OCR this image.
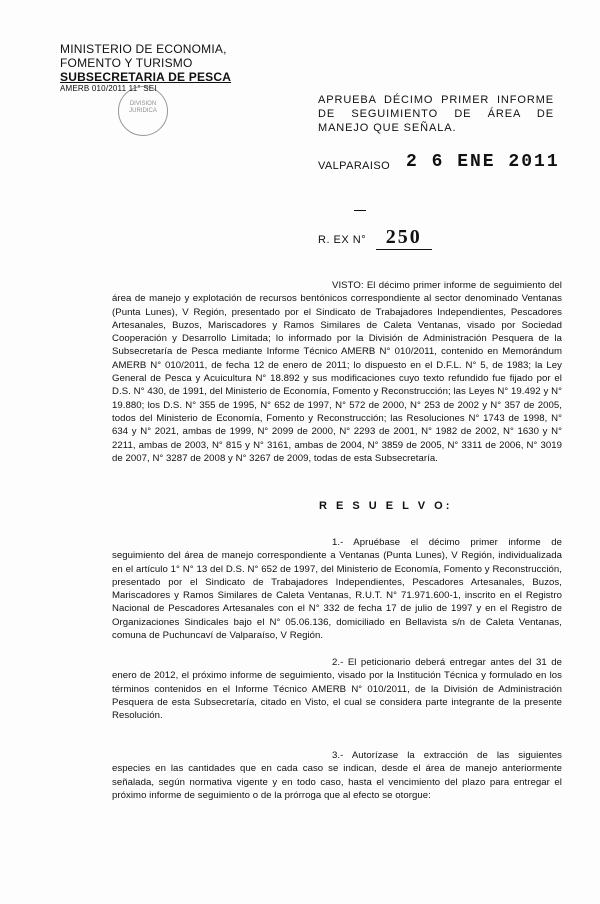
MINISTERIO DE ECONOMIA,
FOMENTO Y TURISMO
SUBSECRETARIA DE PESCA
AMERB 010/2011 11° SEI
DIVISION JURIDICA
APRUEBA DÉCIMO PRIMER INFORME DE SEGUIMIENTO DE ÁREA DE MANEJO QUE SEÑALA.
VALPARAISO 2 6 ENE 2011
R. EX N° 250
VISTO: El décimo primer informe de seguimiento del área de manejo y explotación de recursos bentónicos correspondiente al sector denominado Ventanas (Punta Lunes), V Región, presentado por el Sindicato de Trabajadores Independientes, Pescadores Artesanales, Buzos, Mariscadores y Ramos Similares de Caleta Ventanas, visado por Sociedad Cooperación y Desarrollo Limitada; lo informado por la División de Administración Pesquera de la Subsecretaría de Pesca mediante Informe Técnico AMERB N° 010/2011, contenido en Memorándum AMERB N° 010/2011, de fecha 12 de enero de 2011; lo dispuesto en el D.F.L. N° 5, de 1983; la Ley General de Pesca y Acuicultura N° 18.892 y sus modificaciones cuyo texto refundido fue fijado por el D.S. N° 430, de 1991, del Ministerio de Economía, Fomento y Reconstrucción; las Leyes N° 19.492 y N° 19.880; los D.S. N° 355 de 1995, N° 652 de 1997, N° 572 de 2000, N° 253 de 2002 y N° 357 de 2005, todos del Ministerio de Economía, Fomento y Reconstrucción; las Resoluciones N° 1743 de 1998, N° 634 y N° 2021, ambas de 1999, N° 2099 de 2000, N° 2293 de 2001, N° 1982 de 2002, N° 1630 y N° 2211, ambas de 2003, N° 815 y N° 3161, ambas de 2004, N° 3859 de 2005, N° 3311 de 2006, N° 3019 de 2007, N° 3287 de 2008 y N° 3267 de 2009, todas de esta Subsecretaría.
R E S U E L V O:
1.- Apruébase el décimo primer informe de seguimiento del área de manejo correspondiente a Ventanas (Punta Lunes), V Región, individualizada en el artículo 1° N° 13 del D.S. N° 652 de 1997, del Ministerio de Economía, Fomento y Reconstrucción, presentado por el Sindicato de Trabajadores Independientes, Pescadores Artesanales, Buzos, Mariscadores y Ramos Similares de Caleta Ventanas, R.U.T. N° 71.971.600-1, inscrito en el Registro Nacional de Pescadores Artesanales con el N° 332 de fecha 17 de julio de 1997 y en el Registro de Organizaciones Sindicales bajo el N° 05.06.136, domiciliado en Bellavista s/n de Caleta Ventanas, comuna de Puchuncaví de Valparaíso, V Región.
2.- El peticionario deberá entregar antes del 31 de enero de 2012, el próximo informe de seguimiento, visado por la Institución Técnica y formulado en los términos contenidos en el Informe Técnico AMERB N° 010/2011, de la División de Administración Pesquera de esta Subsecretaría, citado en Visto, el cual se considera parte integrante de la presente Resolución.
3.- Autorízase la extracción de las siguientes especies en las cantidades que en cada caso se indican, desde el área de manejo anteriormente señalada, según normativa vigente y en todo caso, hasta el vencimiento del plazo para entregar el próximo informe de seguimiento o de la prórroga que al efecto se otorgue:
